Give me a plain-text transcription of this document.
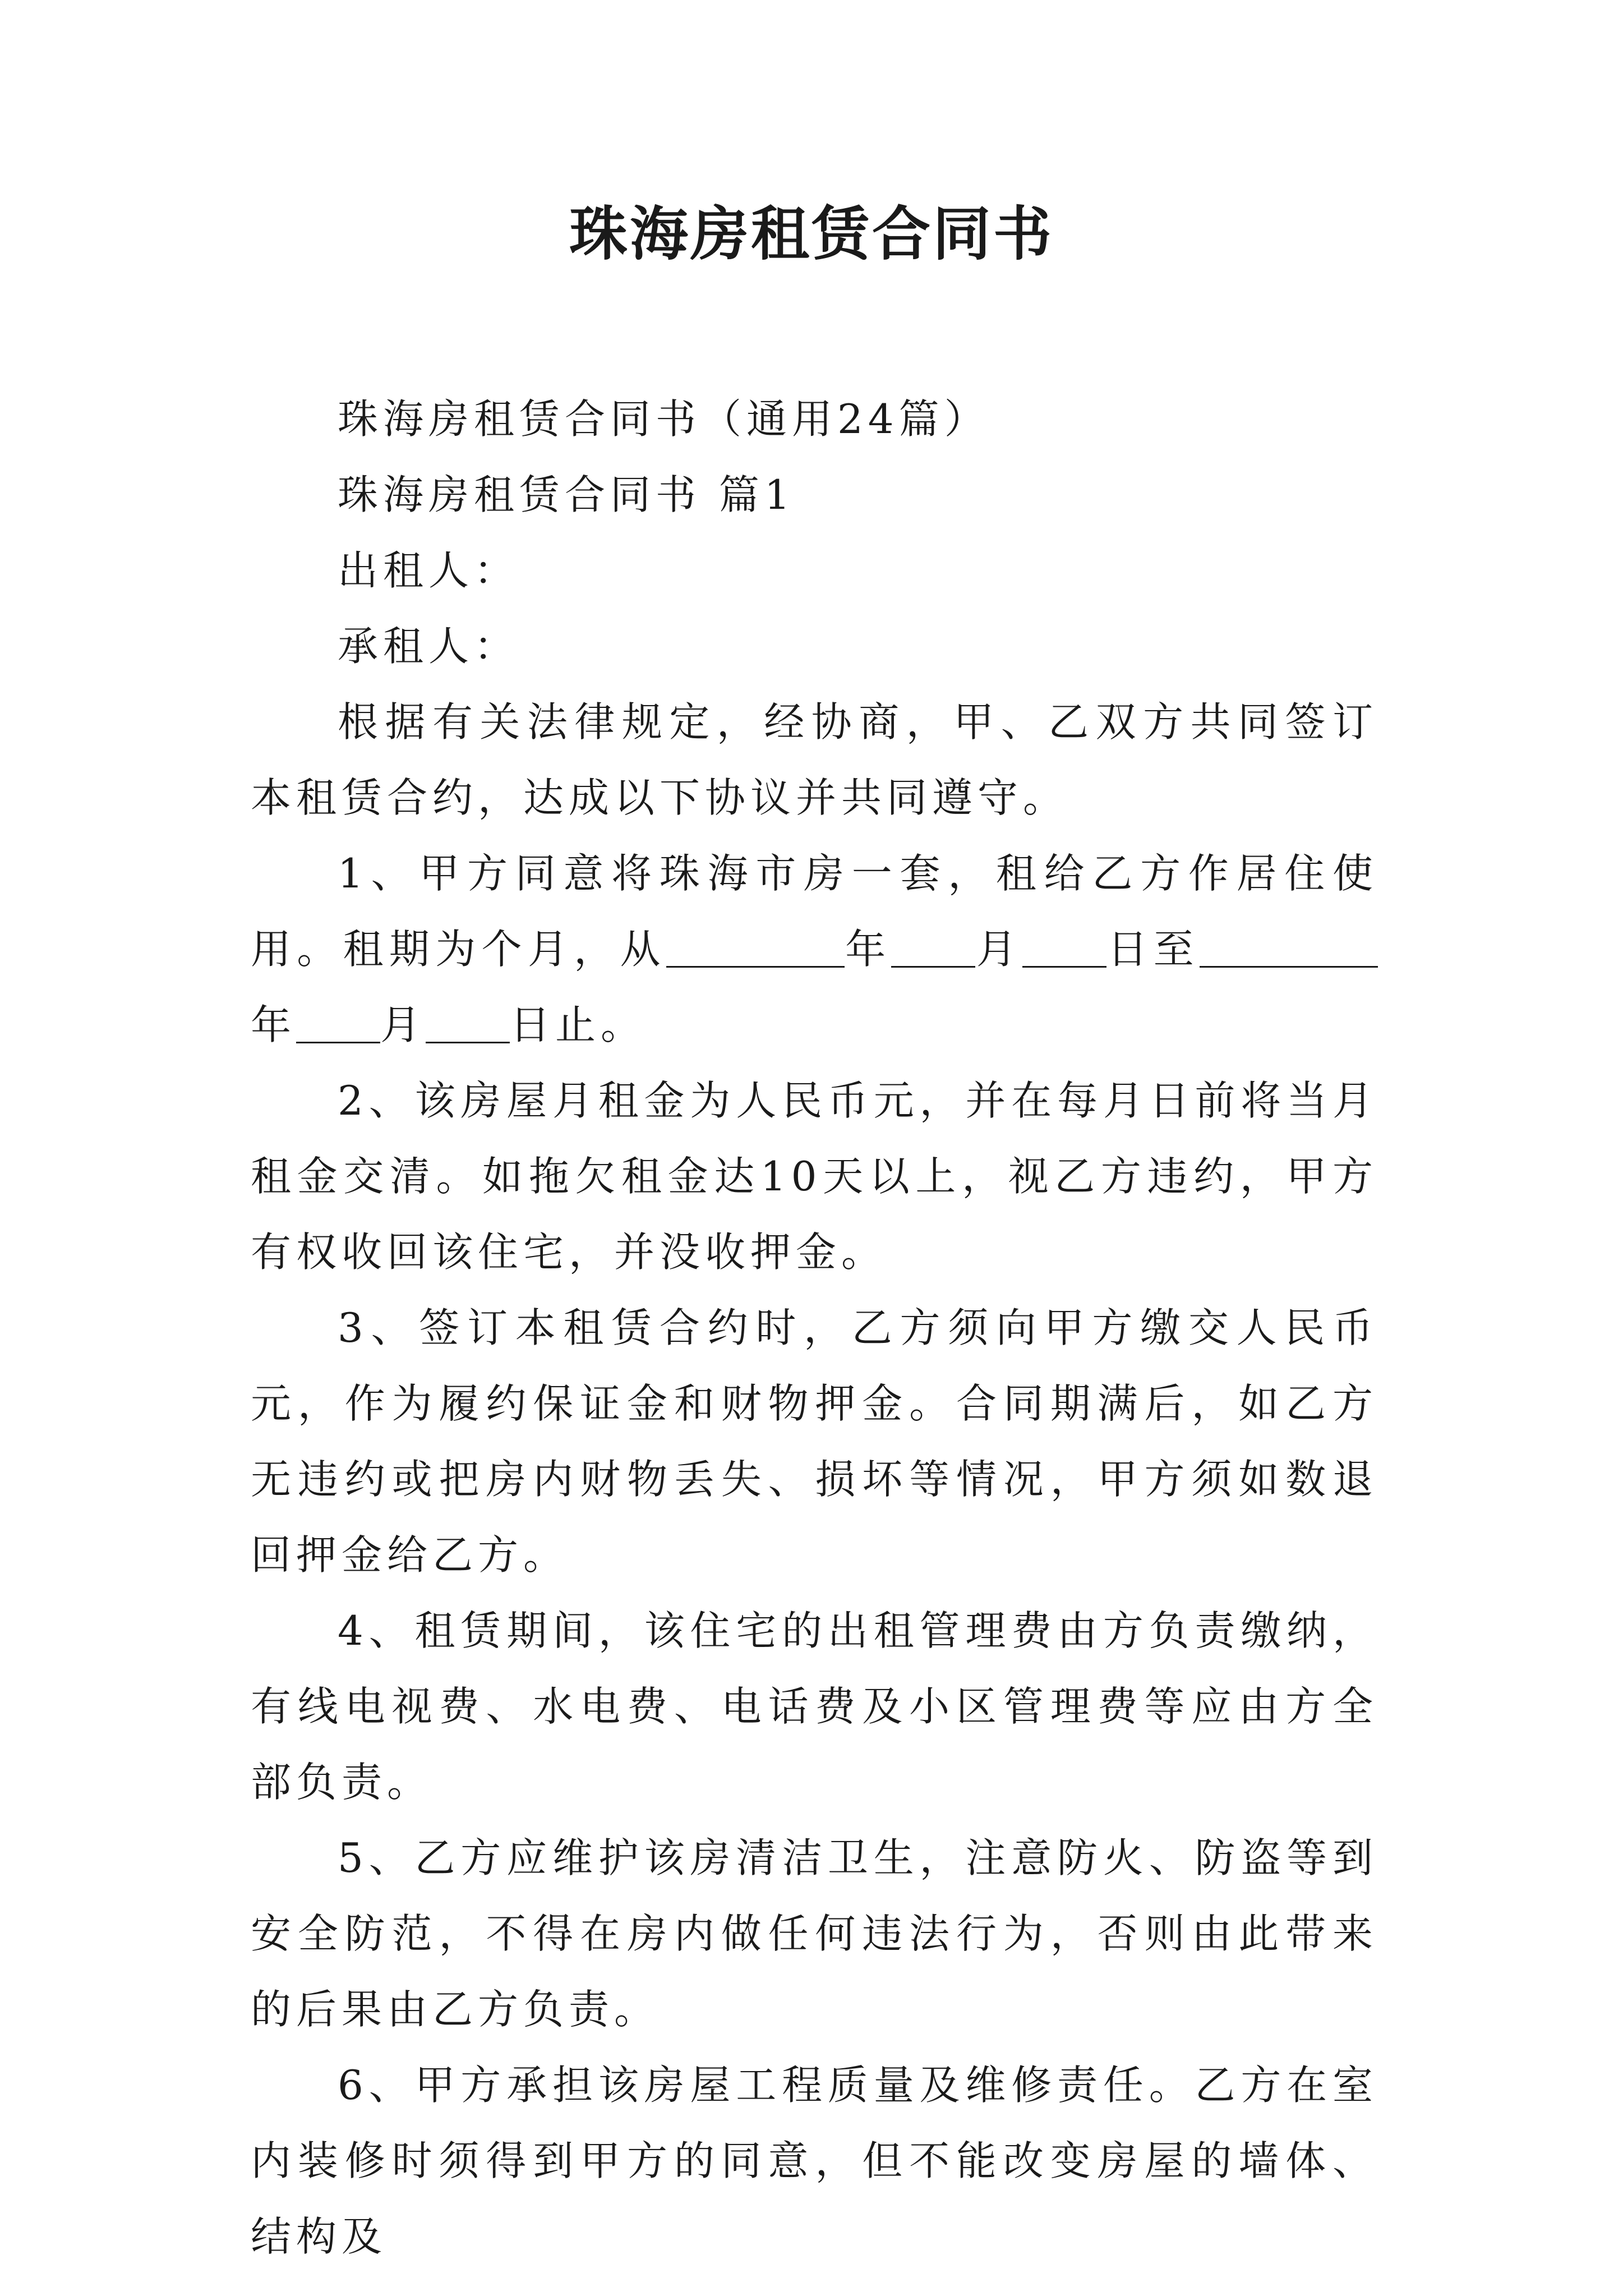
珠海房租赁合同书

珠海房租赁合同书（通用24篇）

珠海房租赁合同书 篇1

出租人：

承租人：

根据有关法律规定，经协商，甲、乙双方共同签订本租赁合约，达成以下协议并共同遵守。

1、甲方同意将珠海市房一套，租给乙方作居住使用。租期为个月，从	年 月 日至年 月 日止。

2、该房屋月租金为人民币元，并在每月日前将当月租金交清。如拖欠租金达10天以上，视乙方违约，甲方有权收回该住宅，并没收押金。

3、签订本租赁合约时，乙方须向甲方缴交人民币元，作为履约保证金和财物押金。合同期满后，如乙方无违约或把房内财物丢失、损坏等情况，甲方须如数退回押金给乙方。

4、租赁期间，该住宅的出租管理费由方负责缴纳，有线电视费、水电费、电话费及小区管理费等应由方全部负责。

5、乙方应维护该房清洁卫生，注意防火、防盗等到安全防范，不得在房内做任何违法行为，否则由此带来的后果由乙方负责。

6、甲方承担该房屋工程质量及维修责任。乙方在室内装修时须得到甲方的同意，但不能改变房屋的墙体、结构及
